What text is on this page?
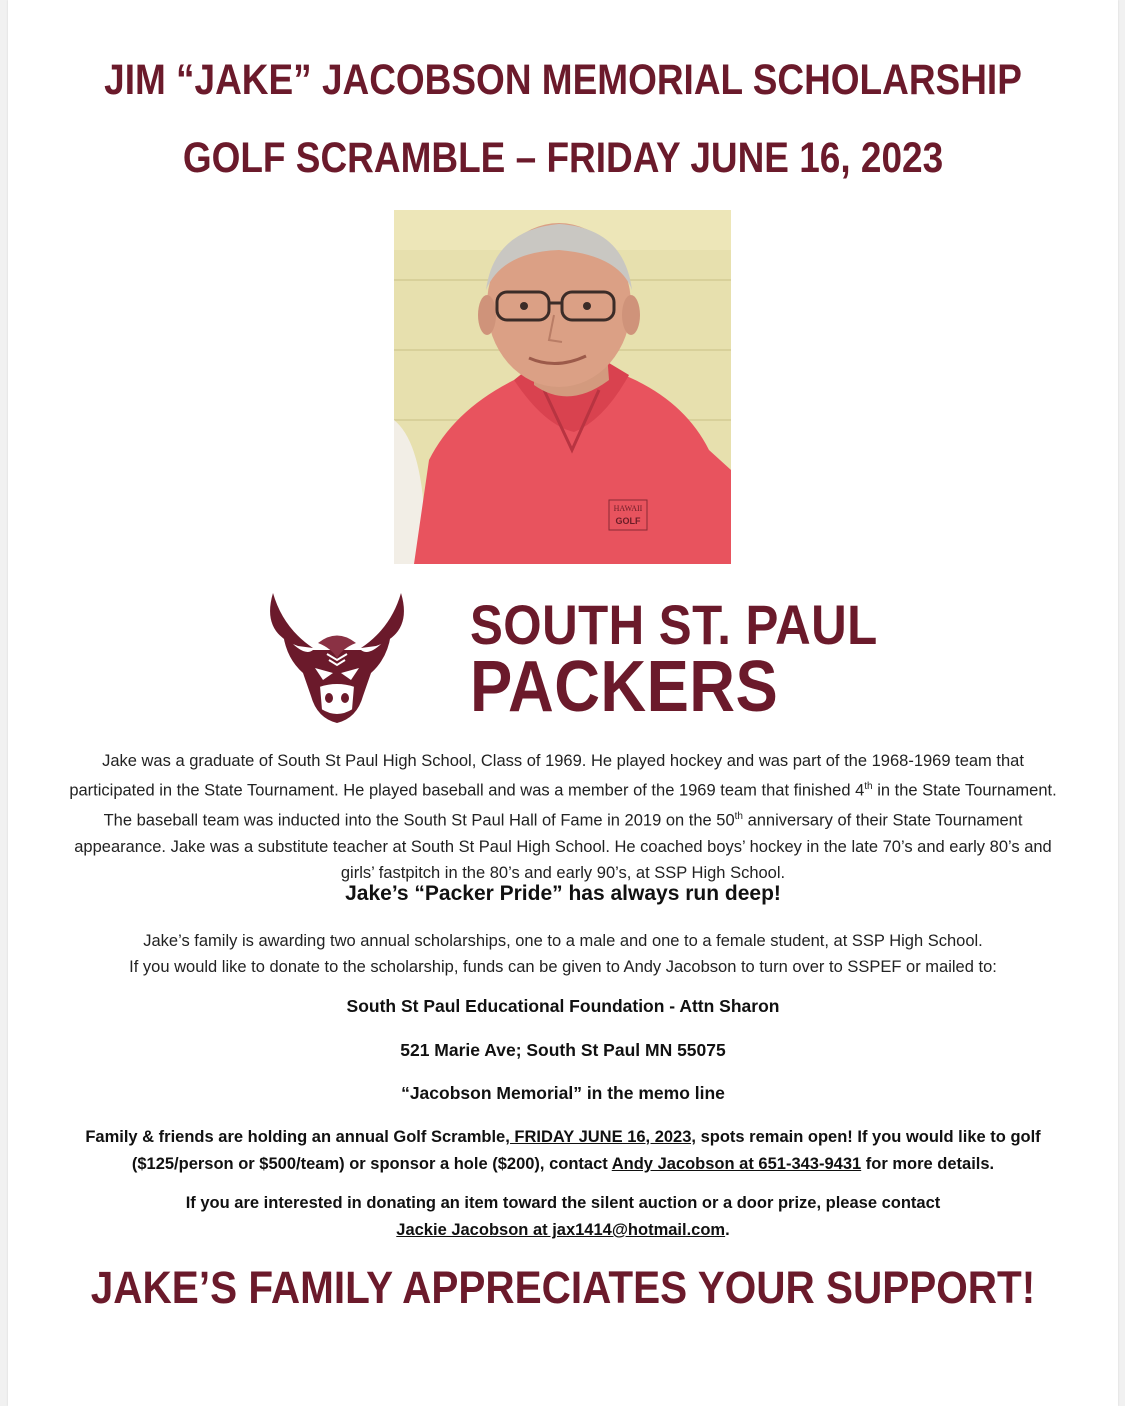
JIM “JAKE” JACOBSON MEMORIAL SCHOLARSHIP
GOLF SCRAMBLE – FRIDAY JUNE 16, 2023
HAWAII
GOLF
SOUTH ST. PAUL
PACKERS
Jake was a graduate of South St Paul High School, Class of 1969. He played hockey and was part of the 1968-1969 team that participated in the State Tournament. He played baseball and was a member of the 1969 team that finished 4th in the State Tournament. The baseball team was inducted into the South St Paul Hall of Fame in 2019 on the 50th anniversary of their State Tournament appearance. Jake was a substitute teacher at South St Paul High School. He coached boys’ hockey in the late 70’s and early 80’s and girls’ fastpitch in the 80’s and early 90’s, at SSP High School.
Jake’s “Packer Pride” has always run deep!
Jake’s family is awarding two annual scholarships, one to a male and one to a female student, at SSP High School.
If you would like to donate to the scholarship, funds can be given to Andy Jacobson to turn over to SSPEF or mailed to:
South St Paul Educational Foundation - Attn Sharon
521 Marie Ave; South St Paul MN 55075
“Jacobson Memorial” in the memo line
Family & friends are holding an annual Golf Scramble, FRIDAY JUNE 16, 2023, spots remain open! If you would like to golf ($125/person or $500/team) or sponsor a hole ($200), contact Andy Jacobson at 651-343-9431 for more details.
If you are interested in donating an item toward the silent auction or a door prize, please contact
Jackie Jacobson at jax1414@hotmail.com.
JAKE’S FAMILY APPRECIATES YOUR SUPPORT!
